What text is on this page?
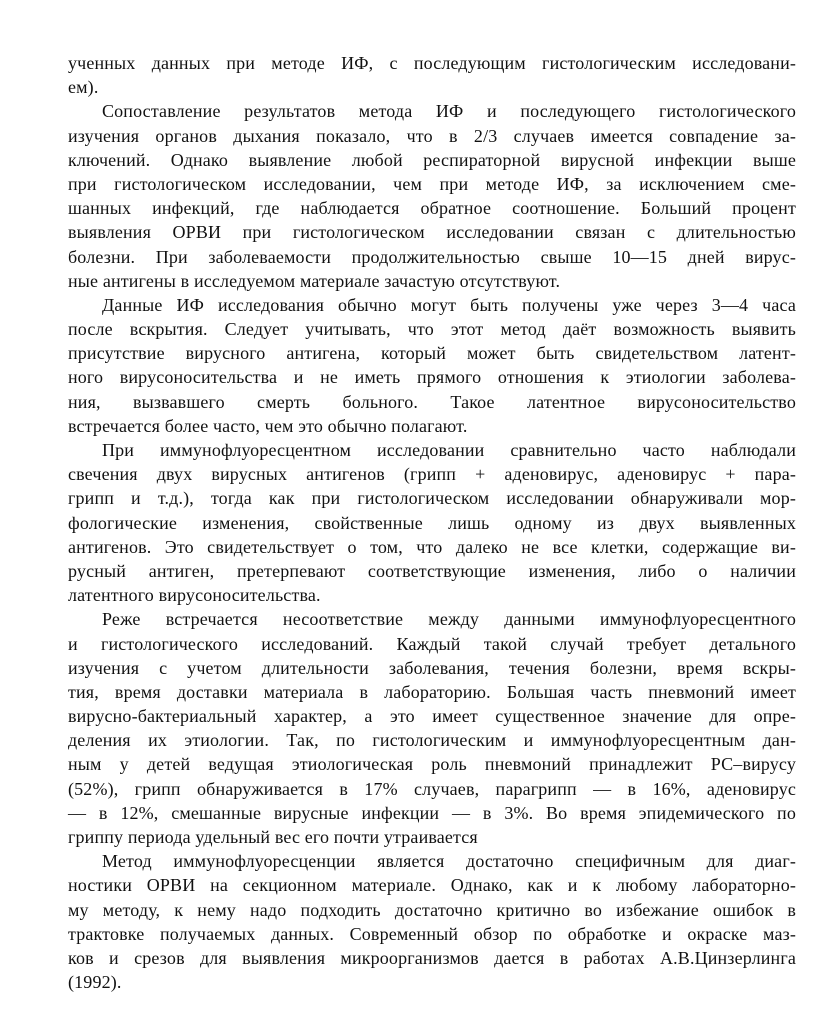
ученных данных при методе ИФ, с последующим гистологическим исследовани-
ем).
Сопоставление результатов метода ИФ и последующего гистологического
изучения органов дыхания показало, что в 2/3 случаев имеется совпадение за-
ключений. Однако выявление любой респираторной вирусной инфекции выше
при гистологическом исследовании, чем при методе ИФ, за исключением сме-
шанных инфекций, где наблюдается обратное соотношение. Больший процент
выявления ОРВИ при гистологическом исследовании связан с длительностью
болезни. При заболеваемости продолжительностью свыше 10—15 дней вирус-
ные антигены в исследуемом материале зачастую отсутствуют.
Данные ИФ исследования обычно могут быть получены уже через 3—4 часа
после вскрытия. Следует учитывать, что этот метод даёт возможность выявить
присутствие вирусного антигена, который может быть свидетельством латент-
ного вирусоносительства и не иметь прямого отношения к этиологии заболева-
ния, вызвавшего смерть больного. Такое латентное вирусоносительство
встречается более часто, чем это обычно полагают.
При иммунофлуоресцентном исследовании сравнительно часто наблюдали
свечения двух вирусных антигенов (грипп + аденовирус, аденовирус + пара-
грипп и т.д.), тогда как при гистологическом исследовании обнаруживали мор-
фологические изменения, свойственные лишь одному из двух выявленных
антигенов. Это свидетельствует о том, что далеко не все клетки, содержащие ви-
русный антиген, претерпевают соответствующие изменения, либо о наличии
латентного вирусоносительства.
Реже встречается несоответствие между данными иммунофлуоресцентного
и гистологического исследований. Каждый такой случай требует детального
изучения с учетом длительности заболевания, течения болезни, время вскры-
тия, время доставки материала в лабораторию. Большая часть пневмоний имеет
вирусно-бактериальный характер, а это имеет существенное значение для опре-
деления их этиологии. Так, по гистологическим и иммунофлуоресцентным дан-
ным у детей ведущая этиологическая роль пневмоний принадлежит РС–вирусу
(52%), грипп обнаруживается в 17% случаев, парагрипп — в 16%, аденовирус
— в 12%, смешанные вирусные инфекции — в 3%. Во время эпидемического по
гриппу периода удельный вес его почти утраивается
Метод иммунофлуоресценции является достаточно специфичным для диаг-
ностики ОРВИ на секционном материале. Однако, как и к любому лабораторно-
му методу, к нему надо подходить достаточно критично во избежание ошибок в
трактовке получаемых данных. Современный обзор по обработке и окраске маз-
ков и срезов для выявления микроорганизмов дается в работах А.В.Цинзерлинга
(1992).
